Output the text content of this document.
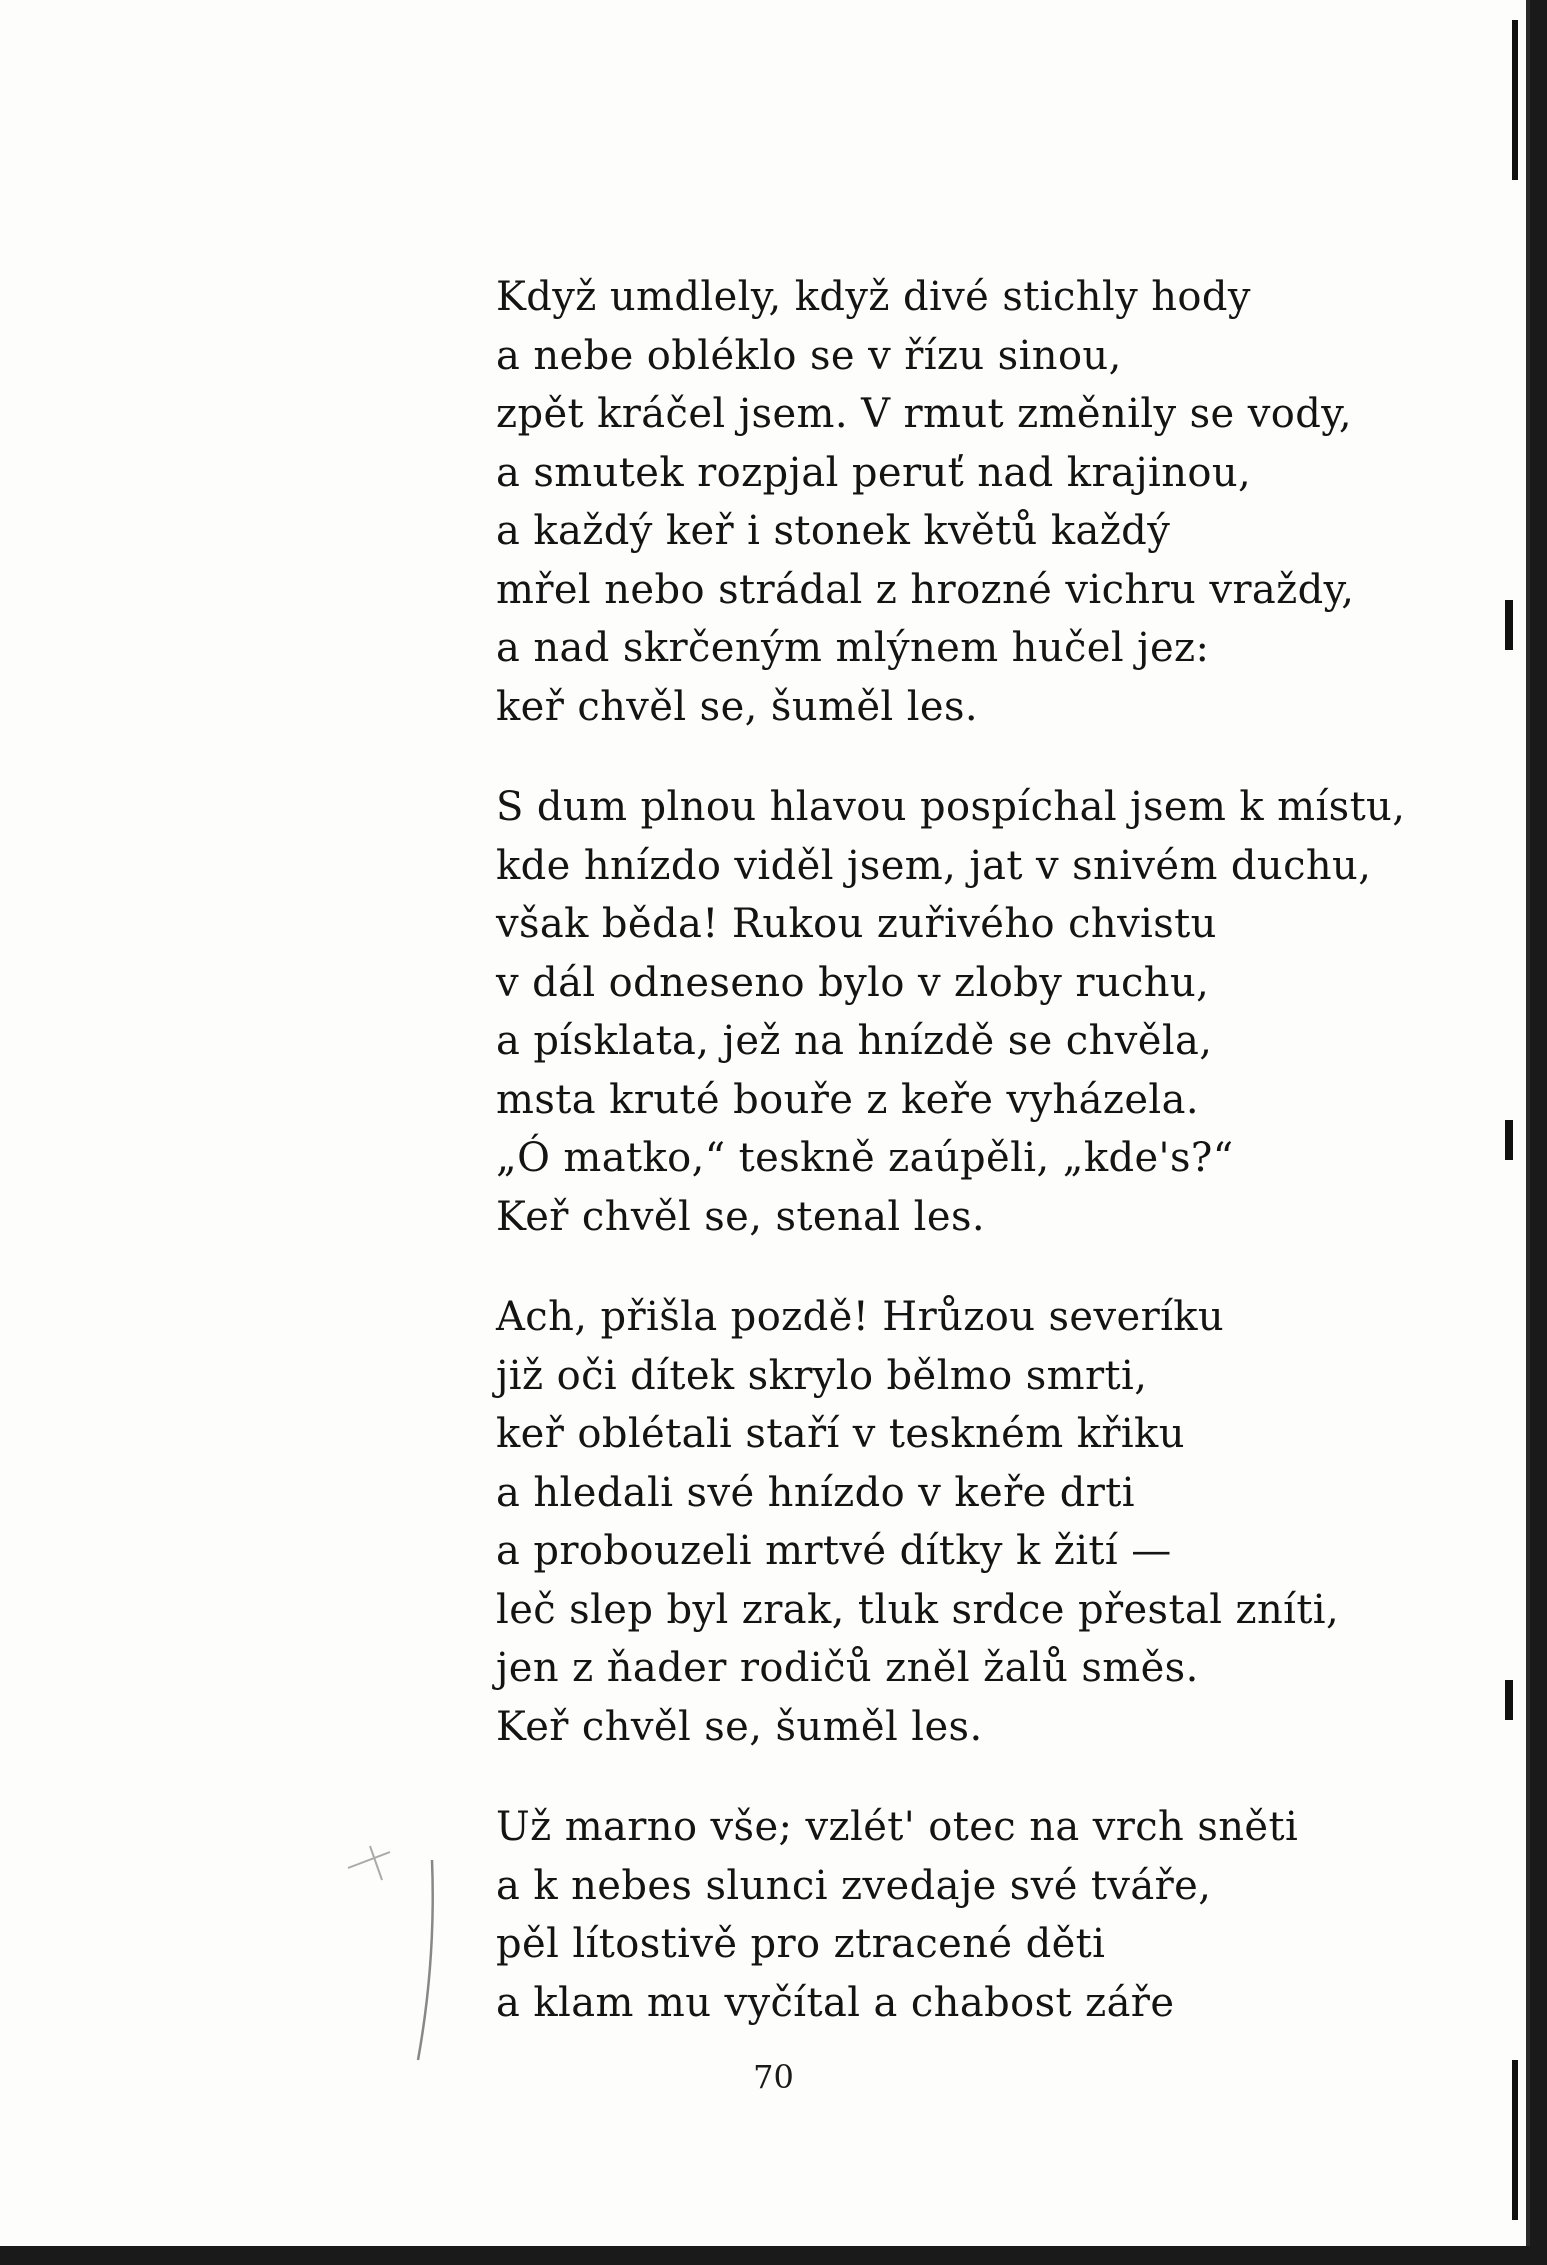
Když umdlely, když divé stichly hody
a nebe obléklo se v řízu sinou,
zpět kráčel jsem. V rmut změnily se vody,
a smutek rozpjal peruť nad krajinou,
a každý keř i stonek květů každý
mřel nebo strádal z hrozné vichru vraždy,
a nad skrčeným mlýnem hučel jez:
keř chvěl se, šuměl les.
S dum plnou hlavou pospíchal jsem k místu,
kde hnízdo viděl jsem, jat v snivém duchu,
však běda! Rukou zuřivého chvistu
v dál odneseno bylo v zloby ruchu,
a písklata, jež na hnízdě se chvěla,
msta kruté bouře z keře vyházela.
„Ó matko,“ teskně zaúpěli, „kde's?“
Keř chvěl se, stenal les.
Ach, přišla pozdě! Hrůzou severíku
již oči dítek skrylo bělmo smrti,
keř oblétali staří v teskném křiku
a hledali své hnízdo v keře drti
a probouzeli mrtvé dítky k žití —
leč slep byl zrak, tluk srdce přestal zníti,
jen z ňader rodičů zněl žalů směs.
Keř chvěl se, šuměl les.
Už marno vše; vzlét' otec na vrch sněti
a k nebes slunci zvedaje své tváře,
pěl lítostivě pro ztracené děti
a klam mu vyčítal a chabost záře
70
